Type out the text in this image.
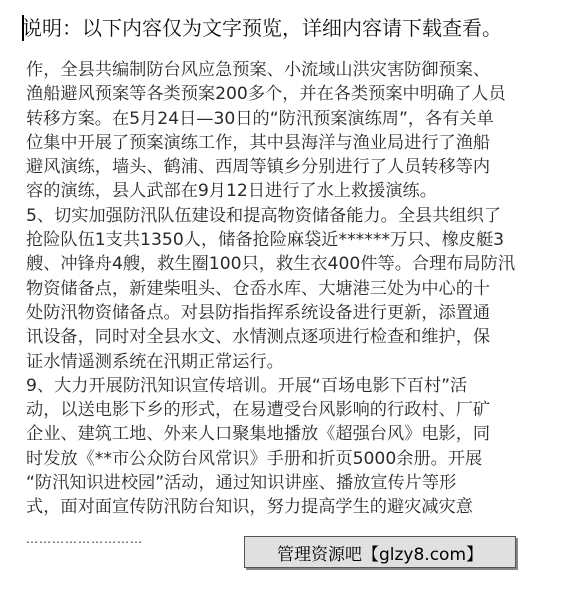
说明：以下内容仅为文字预览，详细内容请下载查看。
作，全县共编制防台风应急预案、小流域山洪灾害防御预案、
渔船避风预案等各类预案200多个，并在各类预案中明确了人员
转移方案。在5月24日—30日的“防汛预案演练周”，各有关单
位集中开展了预案演练工作，其中县海洋与渔业局进行了渔船
避风演练，墙头、鹤浦、西周等镇乡分别进行了人员转移等内
容的演练，县人武部在9月12日进行了水上救援演练。
5、切实加强防汛队伍建设和提高物资储备能力。全县共组织了
抢险队伍1支共1350人，储备抢险麻袋近******万只、橡皮艇3
艘、冲锋舟4艘，救生圈100只，救生衣400件等。合理布局防汛
物资储备点，新建柴咀头、仓岙水库、大塘港三处为中心的十
处防汛物资储备点。对县防指指挥系统设备进行更新，添置通
讯设备，同时对全县水文、水情测点逐项进行检查和维护，保
证水情遥测系统在汛期正常运行。
9、大力开展防汛知识宣传培训。开展“百场电影下百村”活
动，以送电影下乡的形式，在易遭受台风影响的行政村、厂矿
企业、建筑工地、外来人口聚集地播放《超强台风》电影，同
时发放《**市公众防台风常识》手册和折页5000余册。开展
“防汛知识进校园”活动，通过知识讲座、播放宣传片等形
式，面对面宣传防汛防台知识，努力提高学生的避灾减灾意
………………………
管理资源吧【glzy8.com】
